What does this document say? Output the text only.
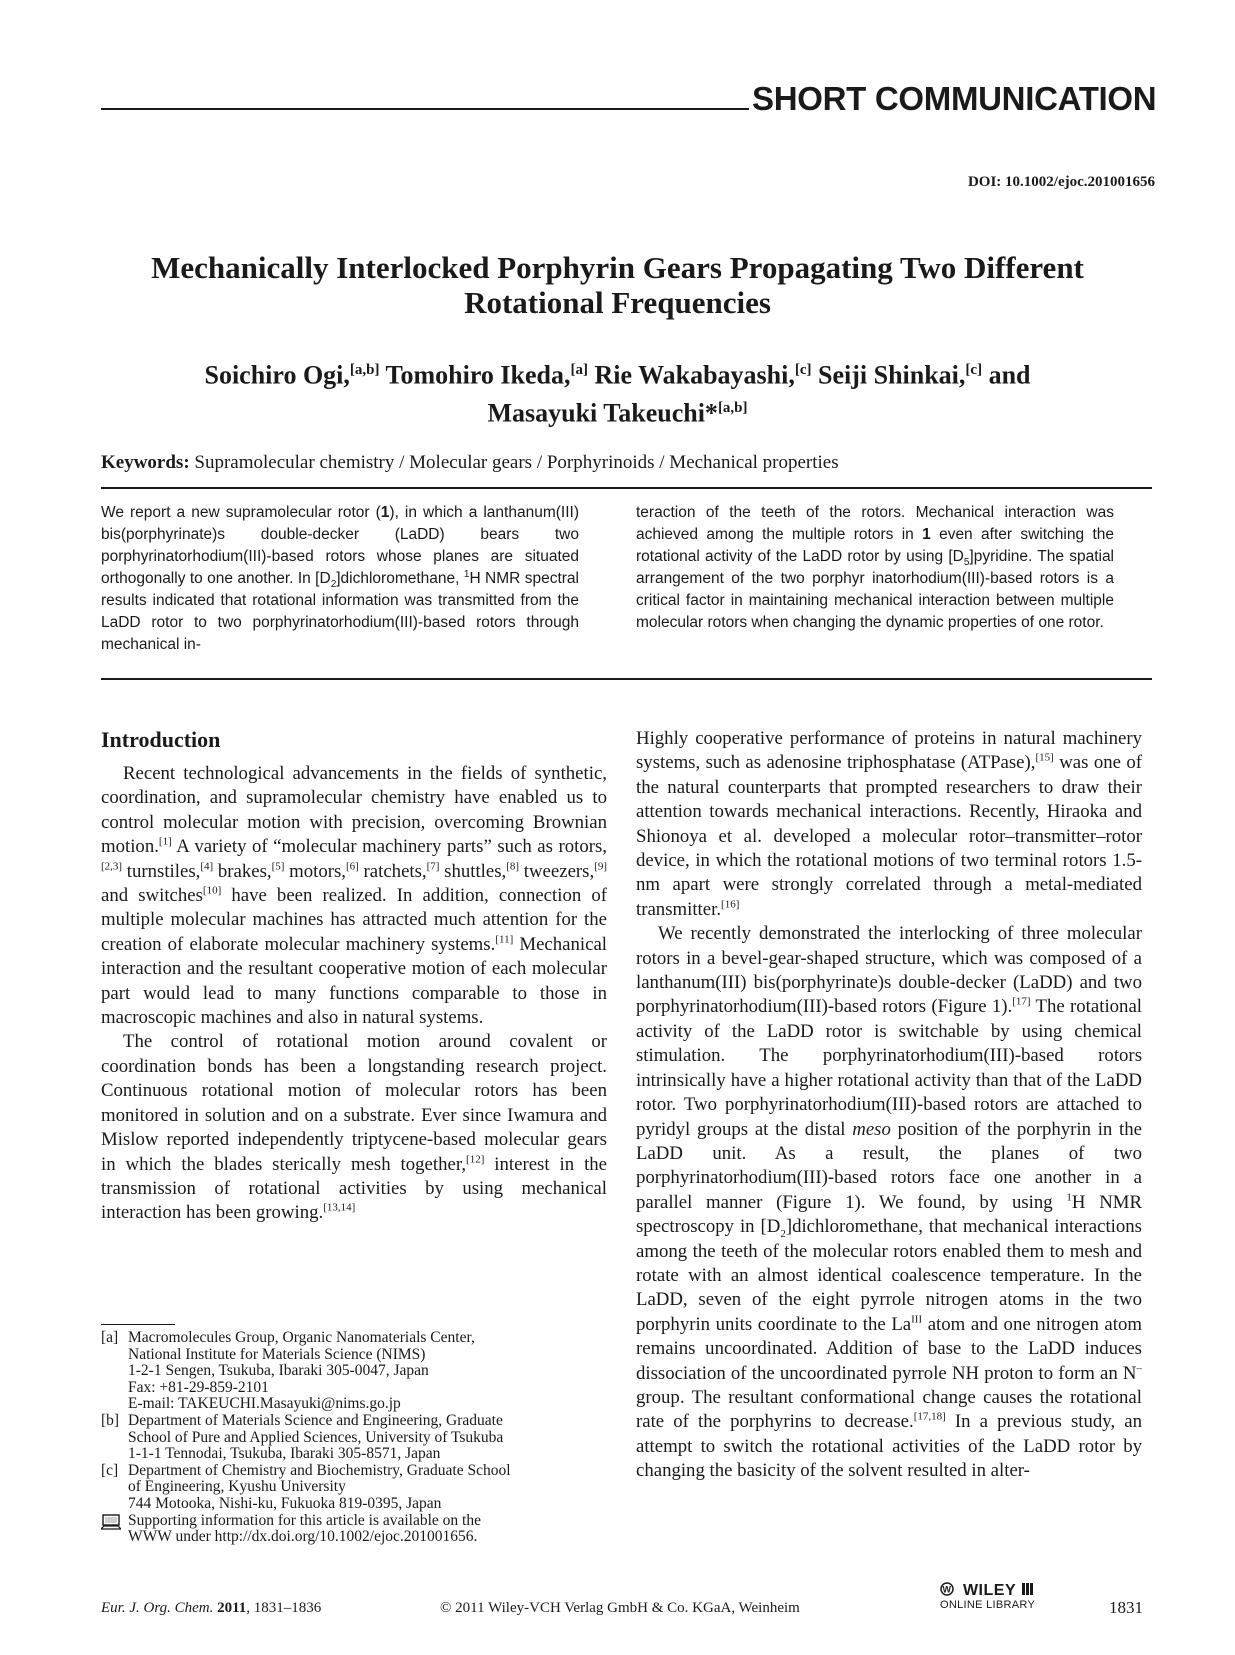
SHORT COMMUNICATION
DOI: 10.1002/ejoc.201001656
Mechanically Interlocked Porphyrin Gears Propagating Two Different
Rotational Frequencies
Soichiro Ogi,[a,b] Tomohiro Ikeda,[a] Rie Wakabayashi,[c] Seiji Shinkai,[c] and
Masayuki Takeuchi*[a,b]
Keywords: Supramolecular chemistry / Molecular gears / Porphyrinoids / Mechanical properties
We report a new supramolecular rotor (1), in which a lanthanum(III) bis(porphyrinate)s double-decker (LaDD) bears two porphyrinatorhodium(III)-based rotors whose planes are situated orthogonally to one another. In $[D_2]dichloromethane$, $^1$H NMR spectral results indicated that rotational information was transmitted from the LaDD rotor to two porphyrinatorhodium(III)-based rotors through mechanical in-
teraction of the teeth of the rotors. Mechanical interaction was achieved among the multiple rotors in 1 even after switching the rotational activity of the LaDD rotor by using $[D_5]pyridine$. The spatial arrangement of the two porphyr inatorhodium(III)-based rotors is a critical factor in maintaining mechanical interaction between multiple molecular rotors when changing the dynamic properties of one rotor.
Introduction

Recent technological advancements in the fields of synthetic, coordination, and supramolecular chemistry have enabled us to control molecular motion with precision, overcoming Brownian motion.[1] A variety of “molecular machinery parts” such as rotors,[2,3] turnstiles,[4] brakes,[5] motors,[6] ratchets,[7] shuttles,[8] tweezers,[9] and switches[10] have been realized. In addition, connection of multiple molecular machines has attracted much attention for the creation of elaborate molecular machinery systems.[11] Mechanical interaction and the resultant cooperative motion of each molecular part would lead to many functions comparable to those in macroscopic machines and also in natural systems.

The control of rotational motion around covalent or coordination bonds has been a longstanding research project. Continuous rotational motion of molecular rotors has been monitored in solution and on a substrate. Ever since Iwamura and Mislow reported independently triptycene-based molecular gears in which the blades sterically mesh together,[12] interest in the transmission of rotational activities by using mechanical interaction has been growing.[13,14]

Highly cooperative performance of proteins in natural machinery systems, such as adenosine triphosphatase (ATPase),[15] was one of the natural counterparts that prompted researchers to draw their attention towards mechanical interactions. Recently, Hiraoka and Shionoya et al. developed a molecular rotor–transmitter–rotor device, in which the rotational motions of two terminal rotors 1.5-nm apart were strongly correlated through a metal-mediated transmitter.[16]

We recently demonstrated the interlocking of three molecular rotors in a bevel-gear-shaped structure, which was composed of a lanthanum(III) bis(porphyrinate)s double-decker (LaDD) and two porphyrinatorhodium(III)-based rotors (Figure 1).[17] The rotational activity of the LaDD rotor is switchable by using chemical stimulation. The porphyrinatorhodium(III)-based rotors intrinsically have a higher rotational activity than that of the LaDD rotor. Two porphyrinatorhodium(III)-based rotors are attached to pyridyl groups at the distal meso position of the porphyrin in the LaDD unit. As a result, the planes of two porphyrinatorhodium(III)-based rotors face one another in a parallel manner (Figure 1). We found, by using $^1$H NMR spectroscopy in $[D_2]dichloromethane$, that mechanical interactions among the teeth of the molecular rotors enabled them to mesh and rotate with an almost identical coalescence temperature. In the LaDD, seven of the eight pyrrole nitrogen atoms in the two porphyrin units coordinate to the $La^{III}$ atom and one nitrogen atom remains uncoordinated. Addition of base to the LaDD induces dissociation of the uncoordinated pyrrole NH proton to form an N– group. The resultant conformational change causes the rotational rate of the porphyrins to decrease.[17,18] In a previous study, an attempt to switch the rotational activities of the LaDD rotor by changing the basicity of the solvent resulted in alter-

[a] Macromolecules Group, Organic Nanomaterials Center,
National Institute for Materials Science (NIMS)
1-2-1 Sengen, Tsukuba, Ibaraki 305-0047, Japan
Fax: +81-29-859-2101
E-mail: TAKEUCHI.Masayuki@nims.go.jp
[b] Department of Materials Science and Engineering, Graduate
School of Pure and Applied Sciences, University of Tsukuba
1-1-1 Tennodai, Tsukuba, Ibaraki 305-8571, Japan
[c] Department of Chemistry and Biochemistry, Graduate School
of Engineering, Kyushu University
744 Motooka, Nishi-ku, Fukuoka 819-0395, Japan
Supporting information for this article is available on the
WWW under http://dx.doi.org/10.1002/ejoc.201001656.
Eur. J. Org. Chem. 2011, 1831–1836	© 2011 Wiley-VCH Verlag GmbH & Co. KGaA, Weinheim
W WILEY
ONLINE LIBRARY	1831
